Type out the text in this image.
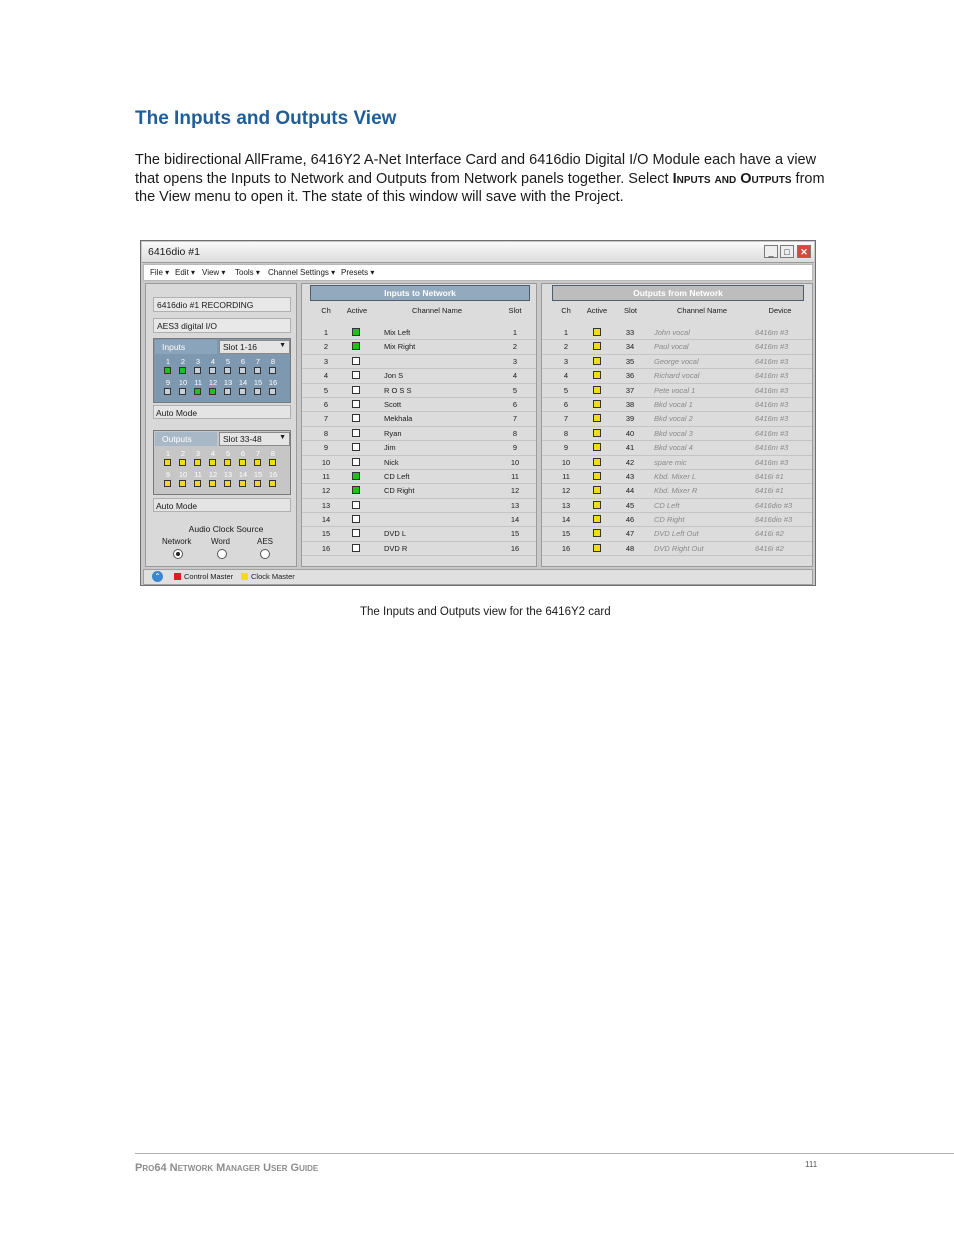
The Inputs and Outputs View
The bidirectional AllFrame, 6416Y2 A-Net Interface Card and 6416dio Digital I/O Module each have a view that opens the Inputs to Network and Outputs from Network panels together. Select Inputs and Outputs from the View menu to open it. The state of this window will save with the Project.
6416dio #1	_	□	✕
File ▾ Edit ▾ View ▾ Tools ▾ Channel Settings ▾ Presets ▾
6416dio #1 RECORDING
AES3 digital I/O
Inputs	Slot 1-16	▼
1	2	3	4	5	6	7	8
9	10 11 12 13 14 15 16
Auto Mode
Outputs	Slot 33-48 ▼
1	2	3	4	5	6	7	8
9	10 11 12 13 14 15 16
Auto Mode
Audio Clock Source
Network Word	AES
Inputs to Network
Ch	Active	Channel Name	Slot
1	Mix Left	1
2	Mix Right	2
3	3
4	Jon S	4
5	R O S S	5
6	Scott	6
7	Mekhala	7
8	Ryan	8
9	Jim	9
10	Nick	10
11	CD Left	11
12	CD Right	12
13	13
14	14
15	DVD L	15
16	DVD R	16
Outputs from Network
Ch	Active	Slot	Channel Name	Device
1	33	John vocal	6416m #3
2	34	Paul vocal	6416m #3
3	35	George vocal	6416m #3
4	36	Richard vocal	6416m #3
5	37	Pete vocal 1	6416m #3
6	38	Bkd vocal 1	6416m #3
7	39	Bkd vocal 2	6416m #3
8	40	Bkd vocal 3	6416m #3
9	41	Bkd vocal 4	6416m #3
10	42	spare mic	6416m #3
11	43	Kbd. Mixer L	6416i #1
12	44	Kbd. Mixer R	6416i #1
13	45	CD Left	6416dio #3
14	46	CD Right	6416dio #3
15	47	DVD Left Out	6416i #2
16	48	DVD Right Out	6416i #2
⌃	Control Master Clock Master
The Inputs and Outputs view for the 6416Y2 card
Pro64 Network Manager User Guide	111
